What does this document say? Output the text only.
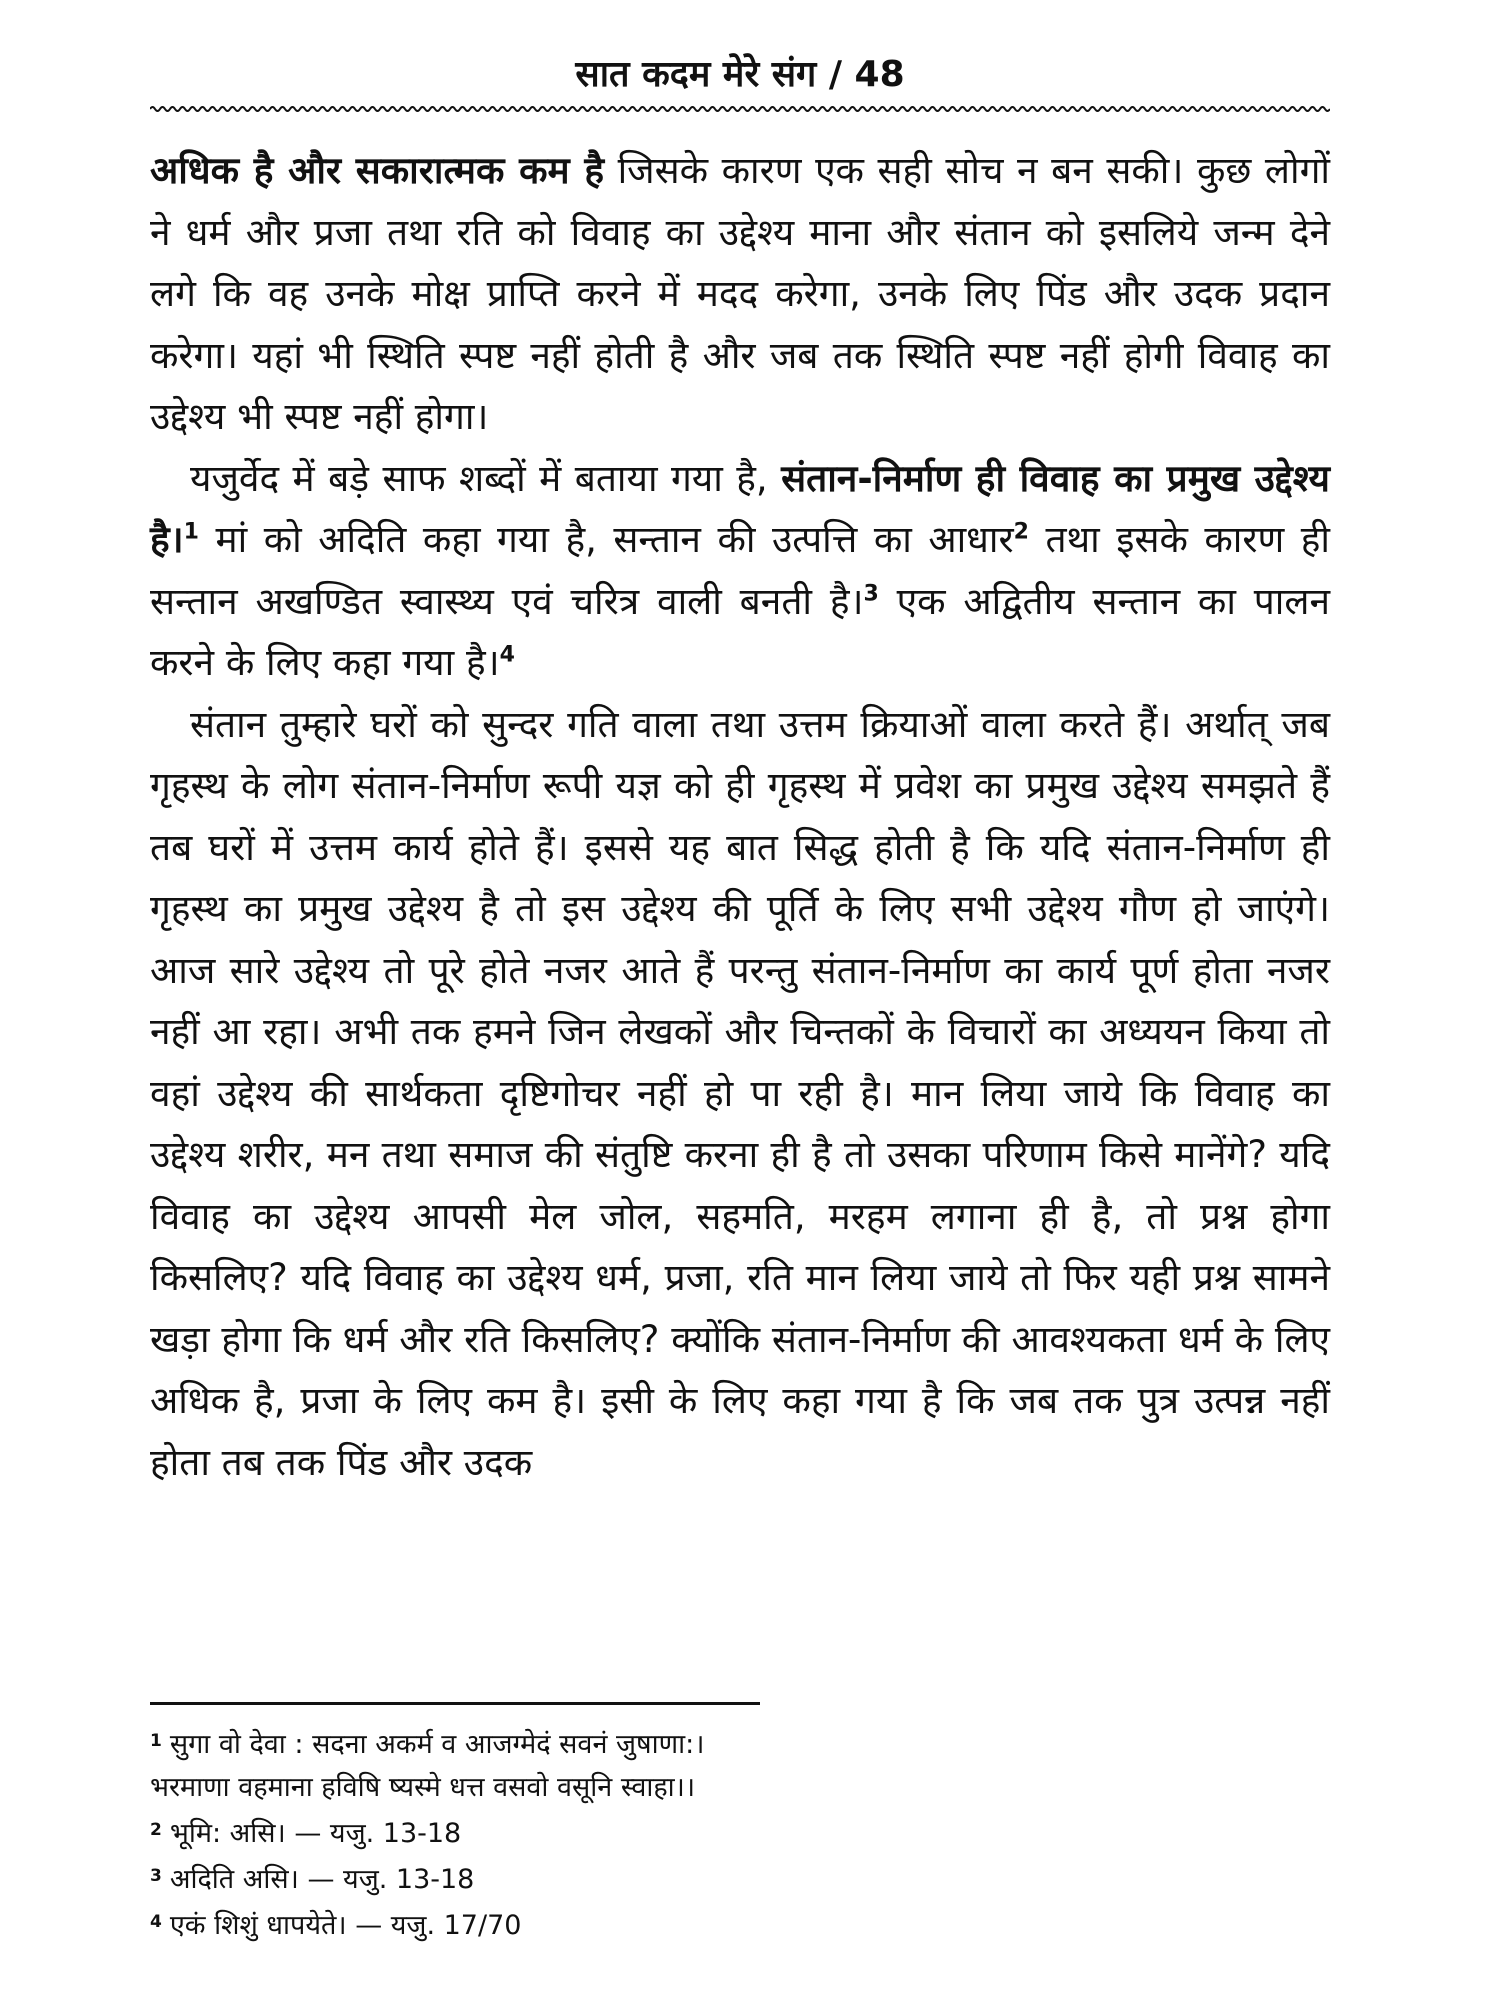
सात कदम मेरे संग / 48

अधिक है और सकारात्मक कम है जिसके कारण एक सही सोच न बन सकी। कुछ लोगों ने धर्म और प्रजा तथा रति को विवाह का उद्देश्य माना और संतान को इसलिये जन्म देने लगे कि वह उनके मोक्ष प्राप्ति करने में मदद करेगा, उनके लिए पिंड और उदक प्रदान करेगा। यहां भी स्थिति स्पष्ट नहीं होती है और जब तक स्थिति स्पष्ट नहीं होगी विवाह का उद्देश्य भी स्पष्ट नहीं होगा।

यजुर्वेद में बड़े साफ शब्दों में बताया गया है, संतान-निर्माण ही विवाह का प्रमुख उद्देश्य है।$^1$ मां को अदिति कहा गया है, सन्तान की उत्पत्ति का आधार$^2$ तथा इसके कारण ही सन्तान अखण्डित स्वास्थ्य एवं चरित्र वाली बनती है।$^3$ एक अद्वितीय सन्तान का पालन करने के लिए कहा गया है।$^4$

संतान तुम्हारे घरों को सुन्दर गति वाला तथा उत्तम क्रियाओं वाला करते हैं। अर्थात् जब गृहस्थ के लोग संतान-निर्माण रूपी यज्ञ को ही गृहस्थ में प्रवेश का प्रमुख उद्देश्य समझते हैं तब घरों में उत्तम कार्य होते हैं। इससे यह बात सिद्ध होती है कि यदि संतान-निर्माण ही गृहस्थ का प्रमुख उद्देश्य है तो इस उद्देश्य की पूर्ति के लिए सभी उद्देश्य गौण हो जाएंगे। आज सारे उद्देश्य तो पूरे होते नजर आते हैं परन्तु संतान-निर्माण का कार्य पूर्ण होता नजर नहीं आ रहा। अभी तक हमने जिन लेखकों और चिन्तकों के विचारों का अध्ययन किया तो वहां उद्देश्य की सार्थकता दृष्टिगोचर नहीं हो पा रही है। मान लिया जाये कि विवाह का उद्देश्य शरीर, मन तथा समाज की संतुष्टि करना ही है तो उसका परिणाम किसे मानेंगे? यदि विवाह का उद्देश्य आपसी मेल जोल, सहमति, मरहम लगाना ही है, तो प्रश्न होगा किसलिए? यदि विवाह का उद्देश्य धर्म, प्रजा, रति मान लिया जाये तो फिर यही प्रश्न सामने खड़ा होगा कि धर्म और रति किसलिए? क्योंकि संतान-निर्माण की आवश्यकता धर्म के लिए अधिक है, प्रजा के लिए कम है। इसी के लिए कहा गया है कि जब तक पुत्र उत्पन्न नहीं होता तब तक पिंड और उदक

$^1$ सुगा वो देवा : सदना अकर्म व आजग्मेदं सवनं जुषाणा:।
भरमाणा वहमाना हविषि ष्यस्मे धत्त वसवो वसूनि स्वाहा।।
$^2$ भूमि: असि। — यजु. 13-18
$^3$ अदिति असि। — यजु. 13-18
$^4$ एकं शिशुं धापयेते। — यजु. 17/70
